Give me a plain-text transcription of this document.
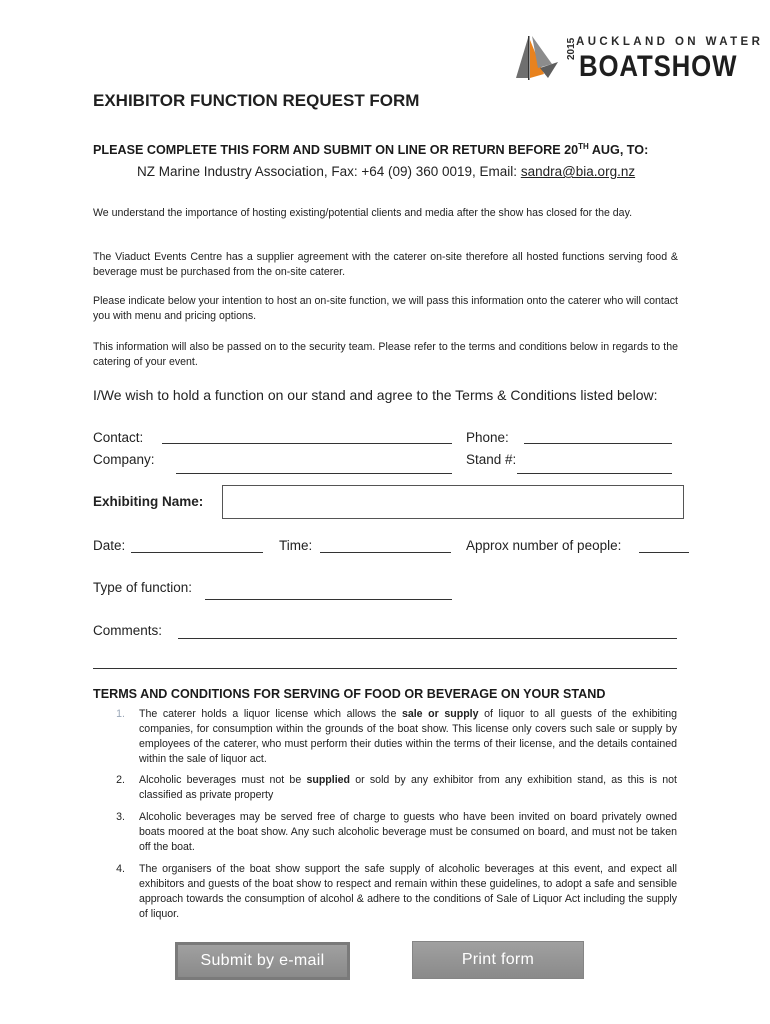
AUCKLAND ON WATER
2015
BOATSHOW
EXHIBITOR FUNCTION REQUEST FORM
PLEASE COMPLETE THIS FORM AND SUBMIT ON LINE OR RETURN BEFORE 20TH AUG, TO:
NZ Marine Industry Association, Fax: +64 (09) 360 0019, Email: sandra@bia.org.nz
We understand the importance of hosting existing/potential clients and media after the show has closed for the day.
The Viaduct Events Centre has a supplier agreement with the caterer on-site therefore all hosted functions serving food & beverage must be purchased from the on-site caterer.
Please indicate below your intention to host an on-site function, we will pass this information onto the caterer who will contact you with menu and pricing options.
This information will also be passed on to the security team. Please refer to the terms and conditions below in regards to the catering of your event.
I/We wish to hold a function on our stand and agree to the Terms & Conditions listed below:
Contact:	Phone:
Company:	Stand #:
Exhibiting Name:
Date:	Time:	Approx number of people:
Type of function:
Comments:
TERMS AND CONDITIONS FOR SERVING OF FOOD OR BEVERAGE ON YOUR STAND
1. The caterer holds a liquor license which allows the sale or supply of liquor to all guests of the exhibiting companies, for consumption within the grounds of the boat show. This license only covers such sale or supply by employees of the caterer, who must perform their duties within the terms of their license, and the details contained within the sale of liquor act.
2. Alcoholic beverages must not be supplied or sold by any exhibitor from any exhibition stand, as this is not classified as private property
3. Alcoholic beverages may be served free of charge to guests who have been invited on board privately owned boats moored at the boat show. Any such alcoholic beverage must be consumed on board, and must not be taken off the boat.
4. The organisers of the boat show support the safe supply of alcoholic beverages at this event, and expect all exhibitors and guests of the boat show to respect and remain within these guidelines, to adopt a safe and sensible approach towards the consumption of alcohol & adhere to the conditions of Sale of Liquor Act including the supply of liquor.
Submit by e-mail	Print form
